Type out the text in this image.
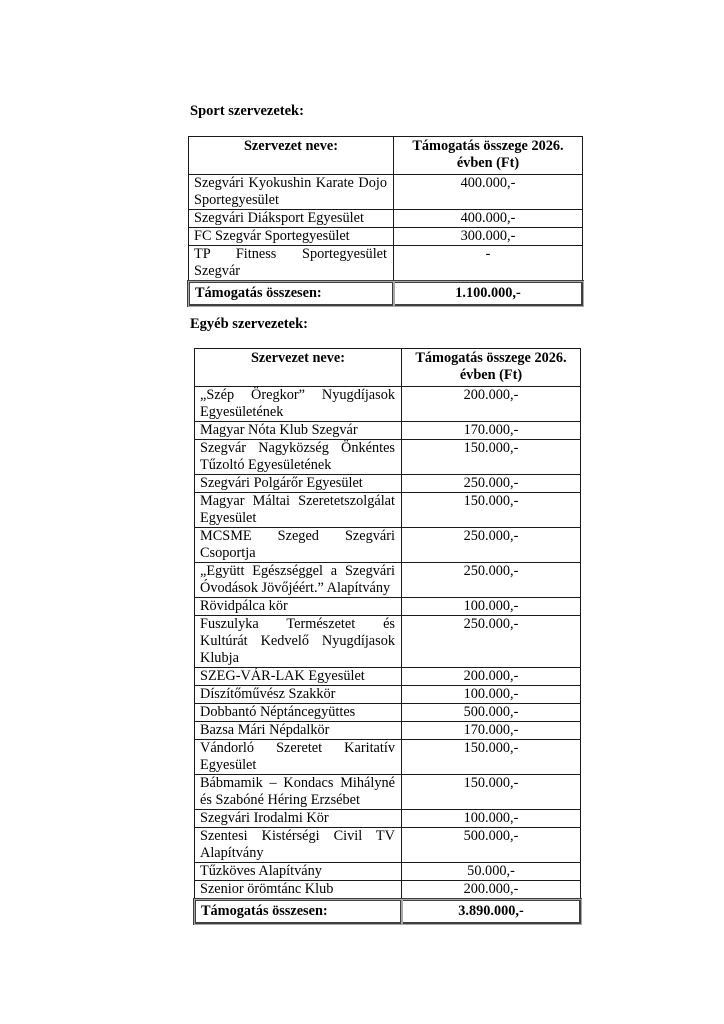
Sport szervezetek:
Szervezet neve:	Támogatás összege 2026. évben (Ft)
Szegvári Kyokushin Karate Dojo Sportegyesület	400.000,-
Szegvári Diáksport Egyesület	400.000,-
FC Szegvár Sportegyesület	300.000,-
TP Fitness Sportegyesület Szegvár	-
Támogatás összesen:	1.100.000,-
Egyéb szervezetek:
Szervezet neve:	Támogatás összege 2026. évben (Ft)
„Szép Öregkor” Nyugdíjasok Egyesületének	200.000,-
Magyar Nóta Klub Szegvár	170.000,-
Szegvár Nagyközség Önkéntes Tűzoltó Egyesületének	150.000,-
Szegvári Polgárőr Egyesület	250.000,-
Magyar Máltai Szeretetszolgálat Egyesület	150.000,-
MCSME Szeged Szegvári Csoportja	250.000,-
„Együtt Egészséggel a Szegvári Óvodások Jövőjéért.” Alapítvány	250.000,-
Rövidpálca kör	100.000,-
Fuszulyka Természetet és Kultúrát Kedvelő Nyugdíjasok Klubja	250.000,-
SZEG-VÁR-LAK Egyesület	200.000,-
Díszítőművész Szakkör	100.000,-
Dobbantó Néptáncegyüttes	500.000,-
Bazsa Mári Népdalkör	170.000,-
Vándorló Szeretet Karitatív Egyesület	150.000,-
Bábmamik – Kondacs Mihályné és Szabóné Héring Erzsébet	150.000,-
Szegvári Irodalmi Kör	100.000,-
Szentesi Kistérségi Civil TV Alapítvány	500.000,-
Tűzköves Alapítvány	50.000,-
Szenior örömtánc Klub	200.000,-
Támogatás összesen:	3.890.000,-
